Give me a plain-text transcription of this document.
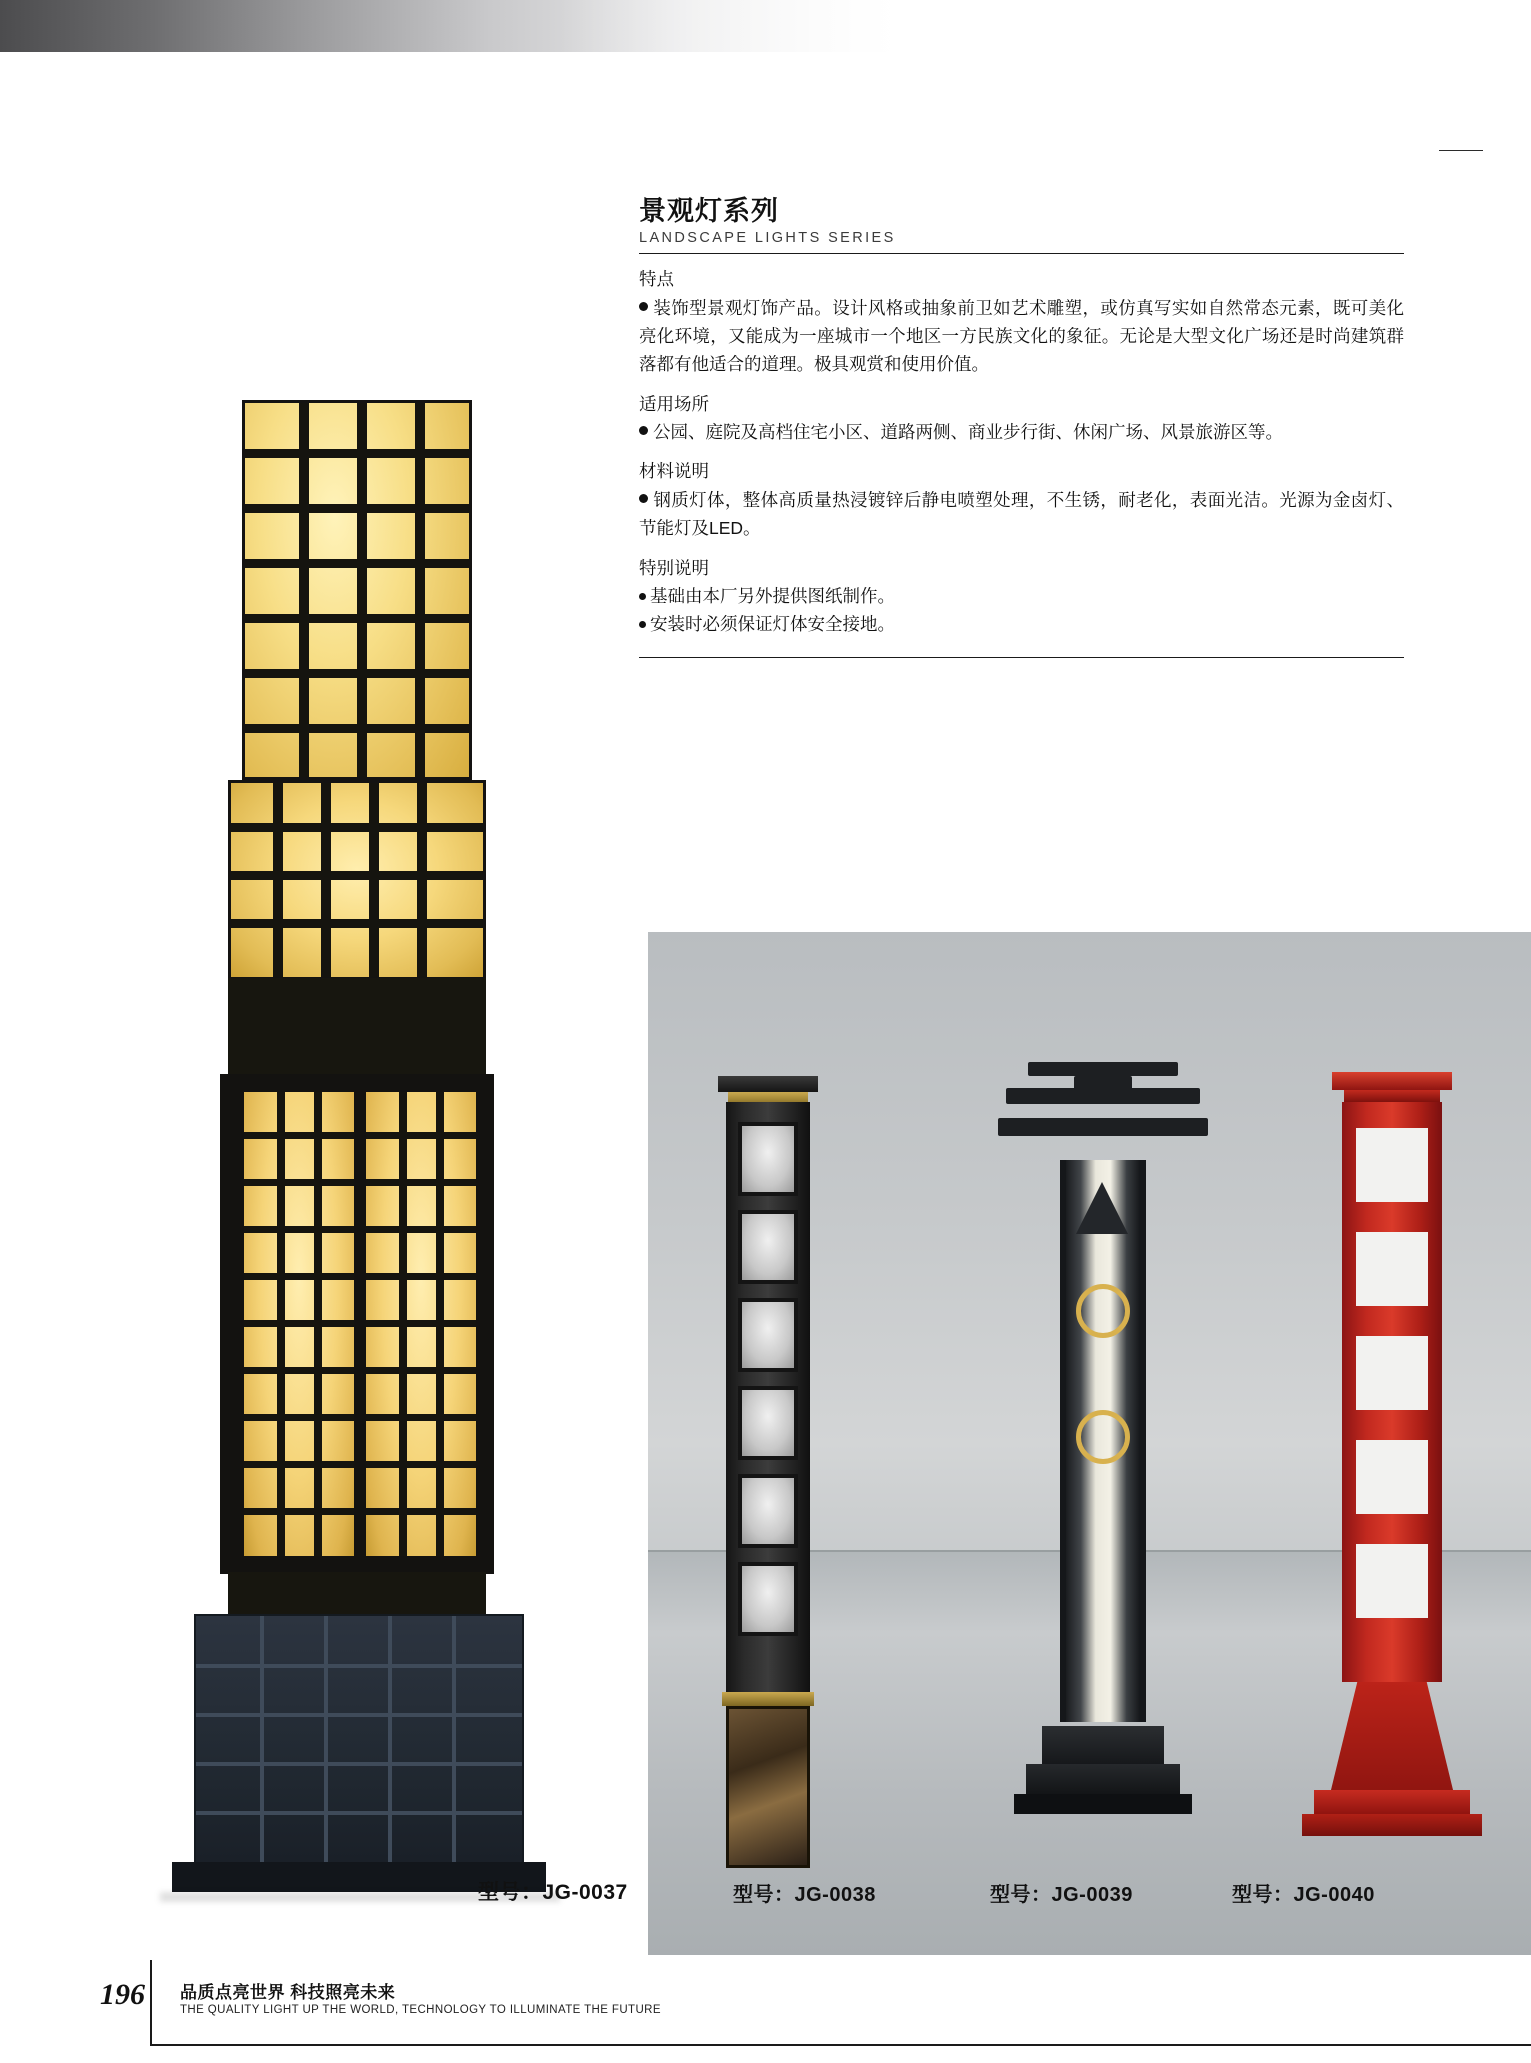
景观灯系列
LANDSCAPE LIGHTS SERIES
特点

装饰型景观灯饰产品。设计风格或抽象前卫如艺术雕塑，或仿真写实如自然常态元素，既可美化亮化环境，又能成为一座城市一个地区一方民族文化的象征。无论是大型文化广场还是时尚建筑群落都有他适合的道理。极具观赏和使用价值。

适用场所

公园、庭院及高档住宅小区、道路两侧、商业步行街、休闲广场、风景旅游区等。

材料说明

钢质灯体，整体高质量热浸镀锌后静电喷塑处理，不生锈，耐老化，表面光洁。光源为金卤灯、节能灯及LED。

特别说明

基础由本厂另外提供图纸制作。

安装时必须保证灯体安全接地。

型号：JG-0037	型号：JG-0038	型号：JG-0039	型号：JG-0040
196 品质点亮世界 科技照亮未来
THE QUALITY LIGHT UP THE WORLD, TECHNOLOGY TO ILLUMINATE THE FUTURE
